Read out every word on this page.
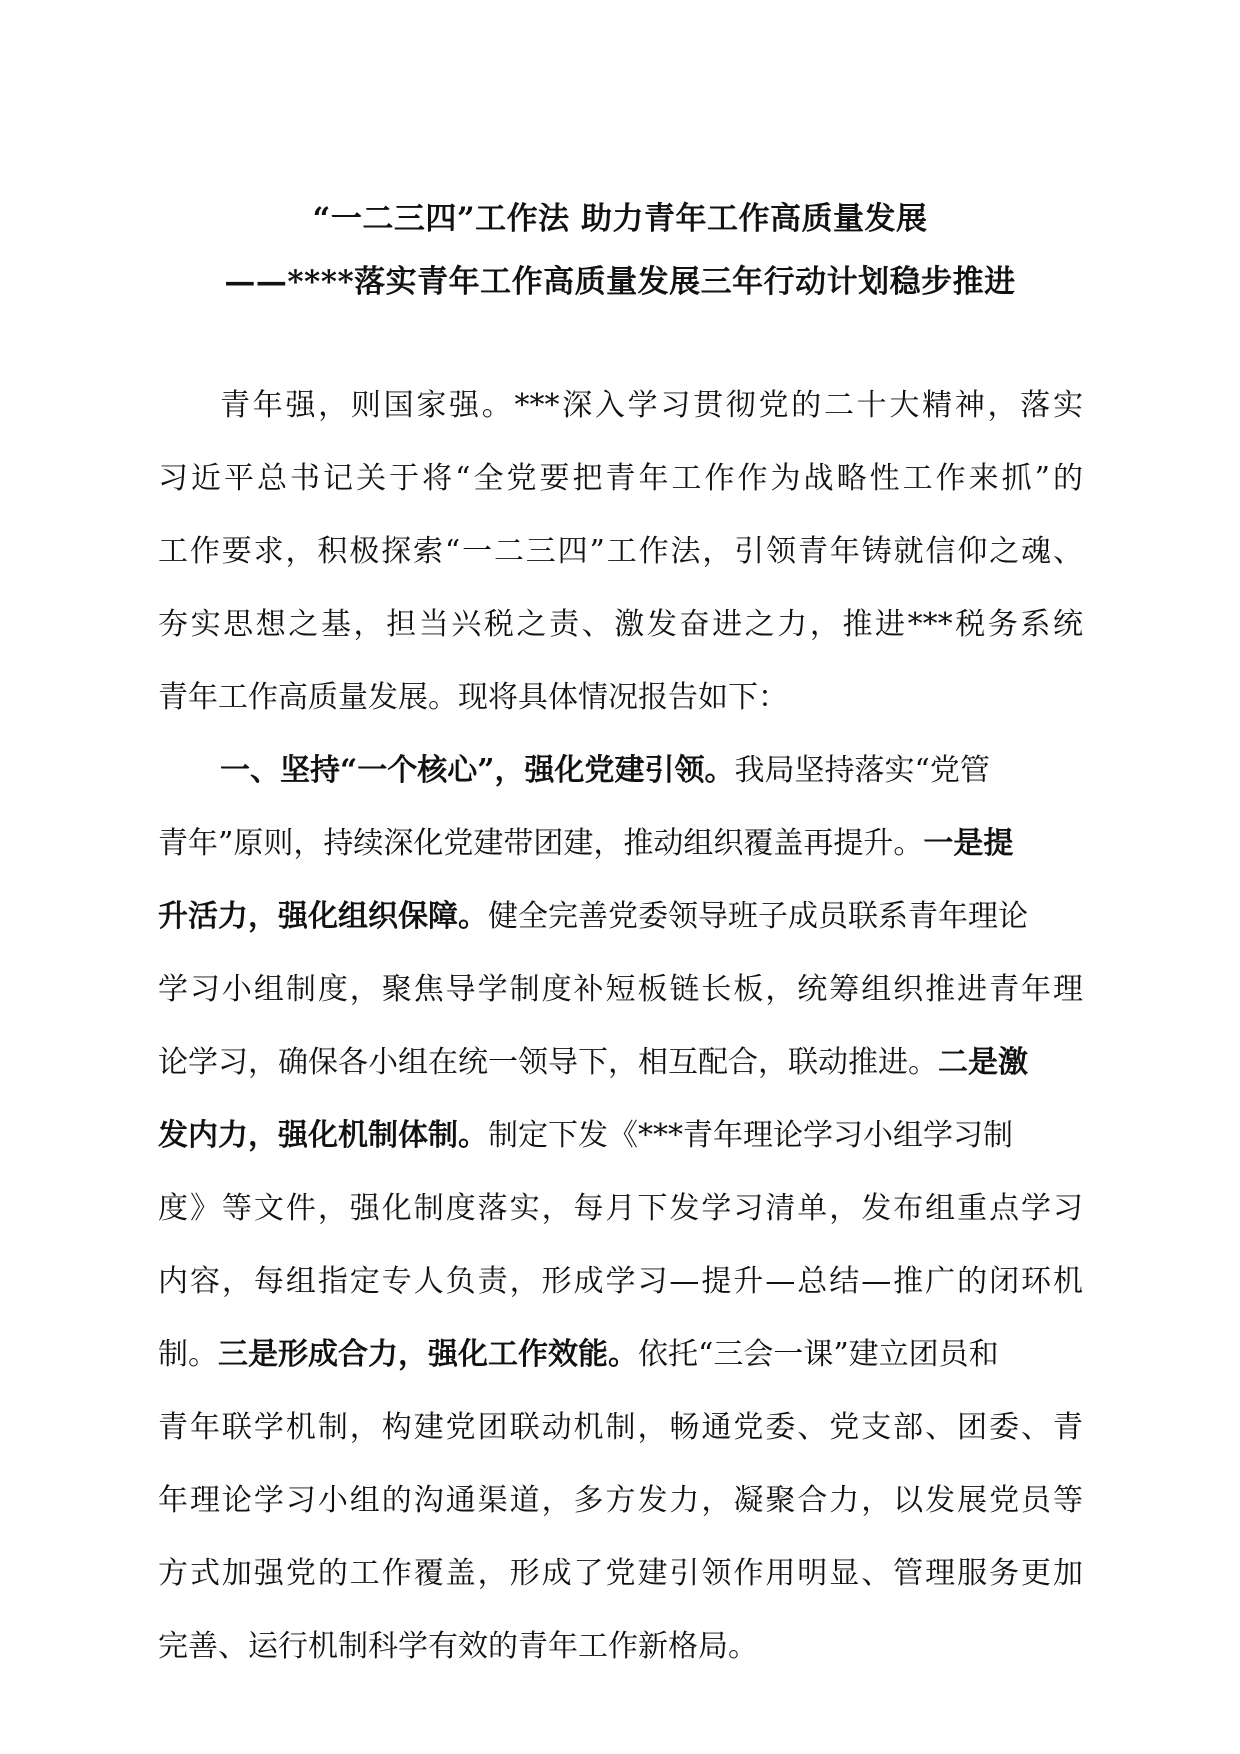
“一二三四”工作法 助力青年工作高质量发展
——****落实青年工作高质量发展三年行动计划稳步推进
青年强，则国家强。***深入学习贯彻党的二十大精神，落实
习近平总书记关于将“全党要把青年工作作为战略性工作来抓”的
工作要求，积极探索“一二三四”工作法，引领青年铸就信仰之魂、
夯实思想之基，担当兴税之责、激发奋进之力，推进***税务系统
青年工作高质量发展。现将具体情况报告如下：
一、坚持“一个核心”，强化党建引领。我局坚持落实“党管
青年”原则，持续深化党建带团建，推动组织覆盖再提升。一是提
升活力，强化组织保障。健全完善党委领导班子成员联系青年理论
学习小组制度，聚焦导学制度补短板链长板，统筹组织推进青年理
论学习，确保各小组在统一领导下，相互配合，联动推进。二是激
发内力，强化机制体制。制定下发《***青年理论学习小组学习制
度》等文件，强化制度落实，每月下发学习清单，发布组重点学习
内容，每组指定专人负责，形成学习—提升—总结—推广的闭环机
制。三是形成合力，强化工作效能。依托“三会一课”建立团员和
青年联学机制，构建党团联动机制，畅通党委、党支部、团委、青
年理论学习小组的沟通渠道，多方发力，凝聚合力，以发展党员等
方式加强党的工作覆盖，形成了党建引领作用明显、管理服务更加
完善、运行机制科学有效的青年工作新格局。
